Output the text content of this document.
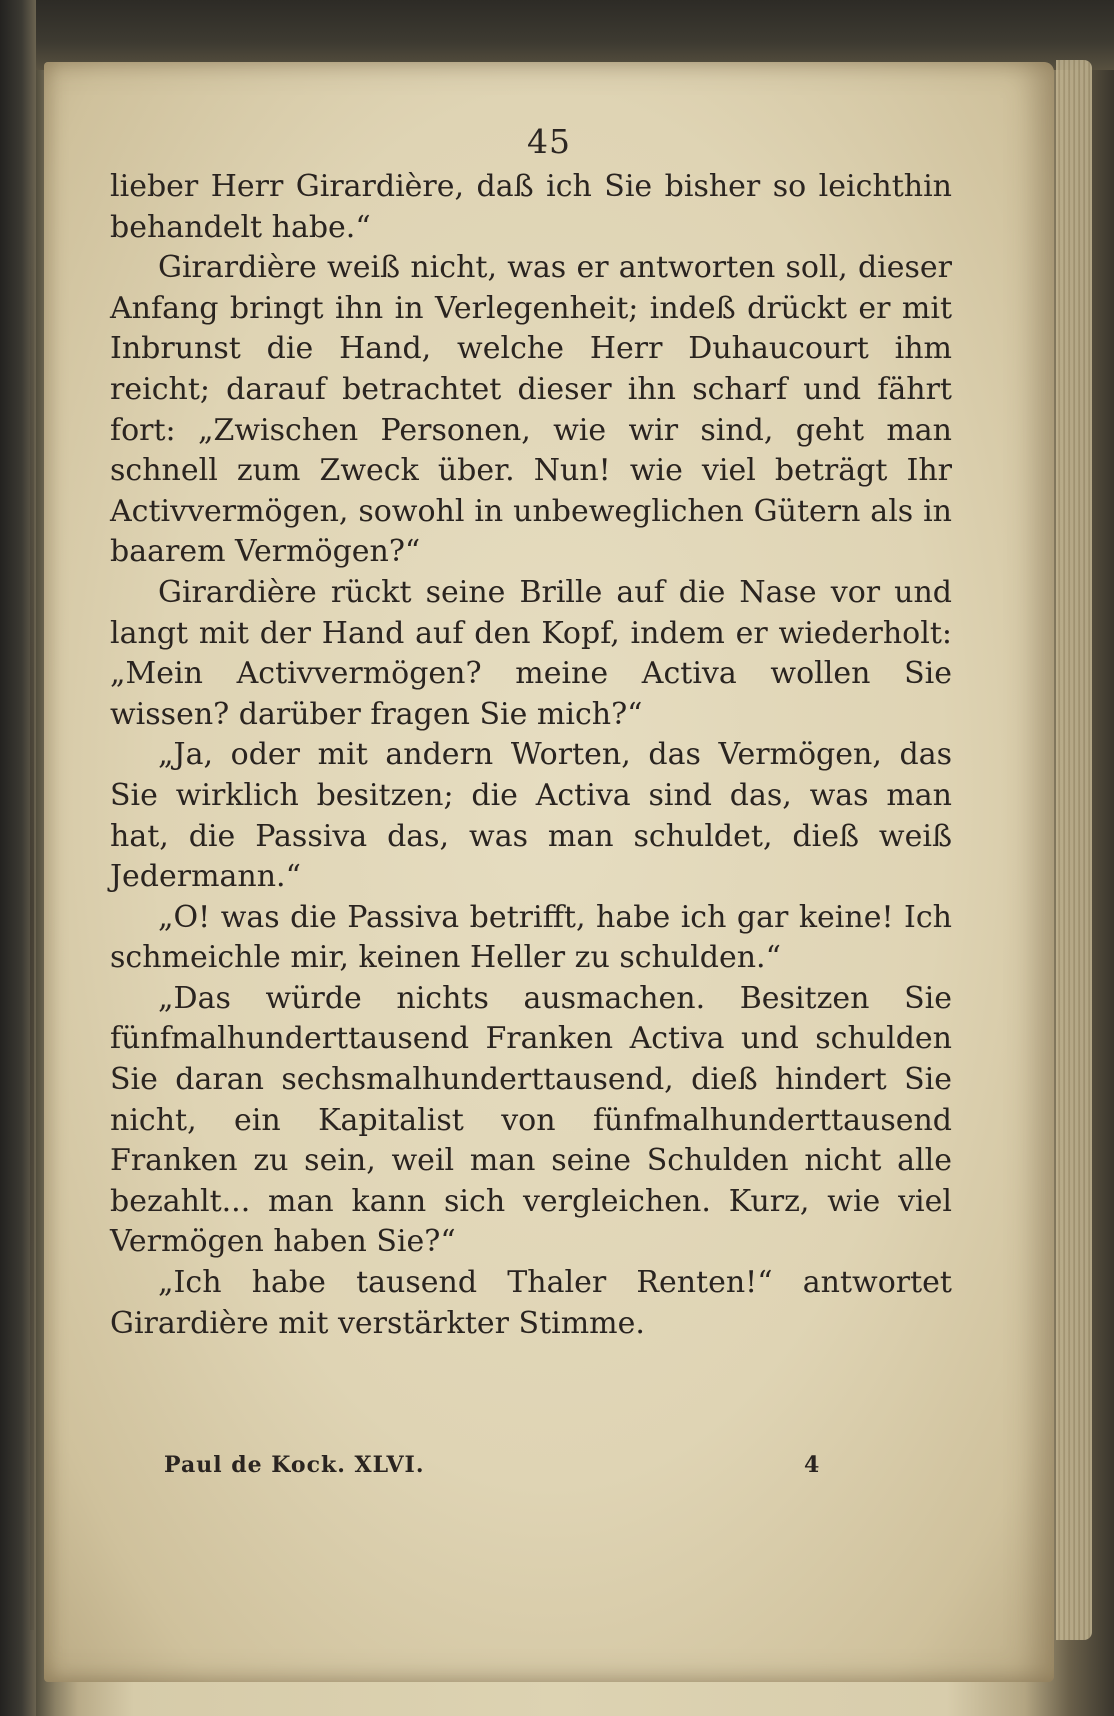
45

lieber Herr Girardière, daß ich Sie bisher so leichthin behandelt habe.“

Girardière weiß nicht, was er antworten soll, dieser Anfang bringt ihn in Verlegenheit; indeß drückt er mit Inbrunst die Hand, welche Herr Duhaucourt ihm reicht; darauf betrachtet dieser ihn scharf und fährt fort: „Zwischen Personen, wie wir sind, geht man schnell zum Zweck über. Nun! wie viel beträgt Ihr Activvermögen, sowohl in unbeweglichen Gütern als in baarem Vermögen?“

Girardière rückt seine Brille auf die Nase vor und langt mit der Hand auf den Kopf, indem er wiederholt: „Mein Activvermögen? meine Activa wollen Sie wissen? darüber fragen Sie mich?“

„Ja, oder mit andern Worten, das Vermögen, das Sie wirklich besitzen; die Activa sind das, was man hat, die Passiva das, was man schuldet, dieß weiß Jedermann.“

„O! was die Passiva betrifft, habe ich gar keine! Ich schmeichle mir, keinen Heller zu schulden.“

„Das würde nichts ausmachen. Besitzen Sie fünfmalhunderttausend Franken Activa und schulden Sie daran sechsmalhunderttausend, dieß hindert Sie nicht, ein Kapitalist von fünfmalhunderttausend Franken zu sein, weil man seine Schulden nicht alle bezahlt... man kann sich vergleichen. Kurz, wie viel Vermögen haben Sie?“

„Ich habe tausend Thaler Renten!“ antwortet Girardière mit verstärkter Stimme.

Paul de Kock. XLVI.	4
